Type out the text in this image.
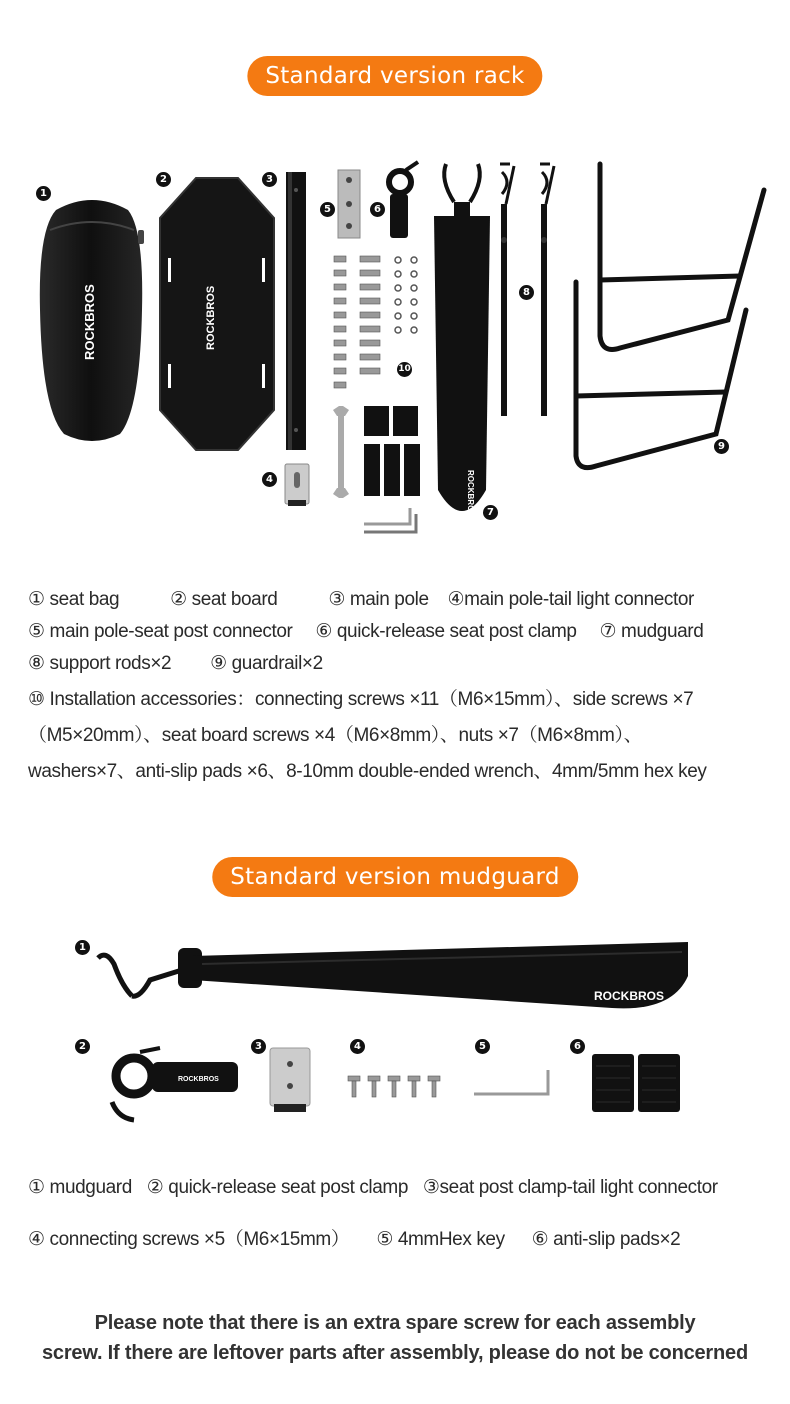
Standard version rack
1
2	3
4
5	6
7
8
9
10
ROCKBROS	ROCKBROS
ROCKBROS
① seat bag	② seat board	③ main pole ④main pole-tail light connector
⑤ main pole-seat post connector ⑥ quick-release seat post clamp ⑦ mudguard
⑧ support rods×2 ⑨ guardrail×2
⑩ Installation accessories：connecting screws ×11（M6×15mm）、side screws ×7
（M5×20mm）、seat board screws ×4（M6×8mm）、nuts ×7（M6×8mm）、
washers×7、anti-slip pads ×6、8-10mm double-ended wrench、4mm/5mm hex key
Standard version mudguard
1
2	3	4	5	6
ROCKBROS
ROCKBROS
① mudguard ② quick-release seat post clamp ③seat post clamp-tail light connector
④ connecting screws ×5（M6×15mm） ⑤ 4mmHex key ⑥ anti-slip pads×2
Please note that there is an extra spare screw for each assembly
screw. If there are leftover parts after assembly, please do not be concerned
